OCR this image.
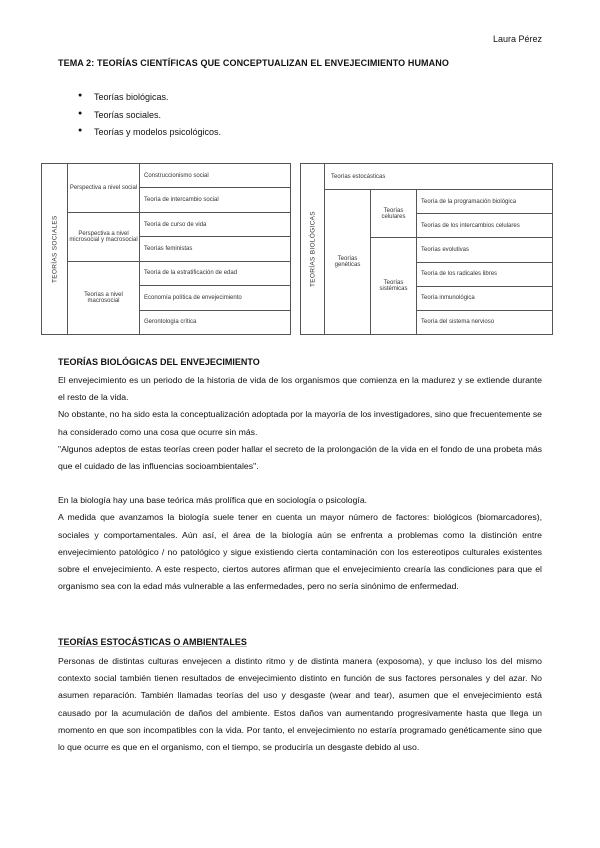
Laura Pérez
TEMA 2: TEORÍAS CIENTÍFICAS QUE CONCEPTUALIZAN EL ENVEJECIMIENTO HUMANO
● Teorías biológicas.
● Teorías sociales.
● Teorías y modelos psicológicos.
TEORÍAS SOCIALES	Perspectiva a nivel social	Construccionismo social
		Teoría de intercambio social
	Perspectiva a nivel microsocial y macrosocial	Teoría de curso de vida
		Teorías feministas
	Teorías a nivel macrosocial	Teoría de la estratificación de edad
		Economía política de envejecimiento
		Gerontología crítica
TEORÍAS BIOLÓGICAS	Teorías estocásticas		
	Teorías genéticas	Teorías celulares	Teoría de la programación biológica
			Teorías de los intercambios celulares
		Teorías sistémicas	Teorías evolutivas
			Teoría de los radicales libres
			Teoría inmunológica
			Teoría del sistema nervioso
TEORÍAS BIOLÓGICAS DEL ENVEJECIMIENTO

El envejecimiento es un periodo de la historia de vida de los organismos que comienza en la madurez y se extiende durante el resto de la vida.

No obstante, no ha sido esta la conceptualización adoptada por la mayoría de los investigadores, sino que frecuentemente se ha considerado como una cosa que ocurre sin más.

"Algunos adeptos de estas teorías creen poder hallar el secreto de la prolongación de la vida en el fondo de una probeta más que el cuidado de las influencias socioambientales".

En la biología hay una base teórica más prolífica que en sociología o psicología.

A medida que avanzamos la biología suele tener en cuenta un mayor número de factores: biológicos (biomarcadores), sociales y comportamentales. Aún así, el área de la biología aún se enfrenta a problemas como la distinción entre envejecimiento patológico / no patológico y sigue existiendo cierta contaminación con los estereotipos culturales existentes sobre el envejecimiento. A este respecto, ciertos autores afirman que el envejecimiento crearía las condiciones para que el organismo sea con la edad más vulnerable a las enfermedades, pero no sería sinónimo de enfermedad.

TEORÍAS ESTOCÁSTICAS O AMBIENTALES

Personas de distintas culturas envejecen a distinto ritmo y de distinta manera (exposoma), y que incluso los del mismo contexto social también tienen resultados de envejecimiento distinto en función de sus factores personales y del azar. No asumen reparación. También llamadas teorías del uso y desgaste (wear and tear), asumen que el envejecimiento está causado por la acumulación de daños del ambiente. Estos daños van aumentando progresivamente hasta que llega un momento en que son incompatibles con la vida. Por tanto, el envejecimiento no estaría programado genéticamente sino que lo que ocurre es que en el organismo, con el tiempo, se produciría un desgaste debido al uso.
